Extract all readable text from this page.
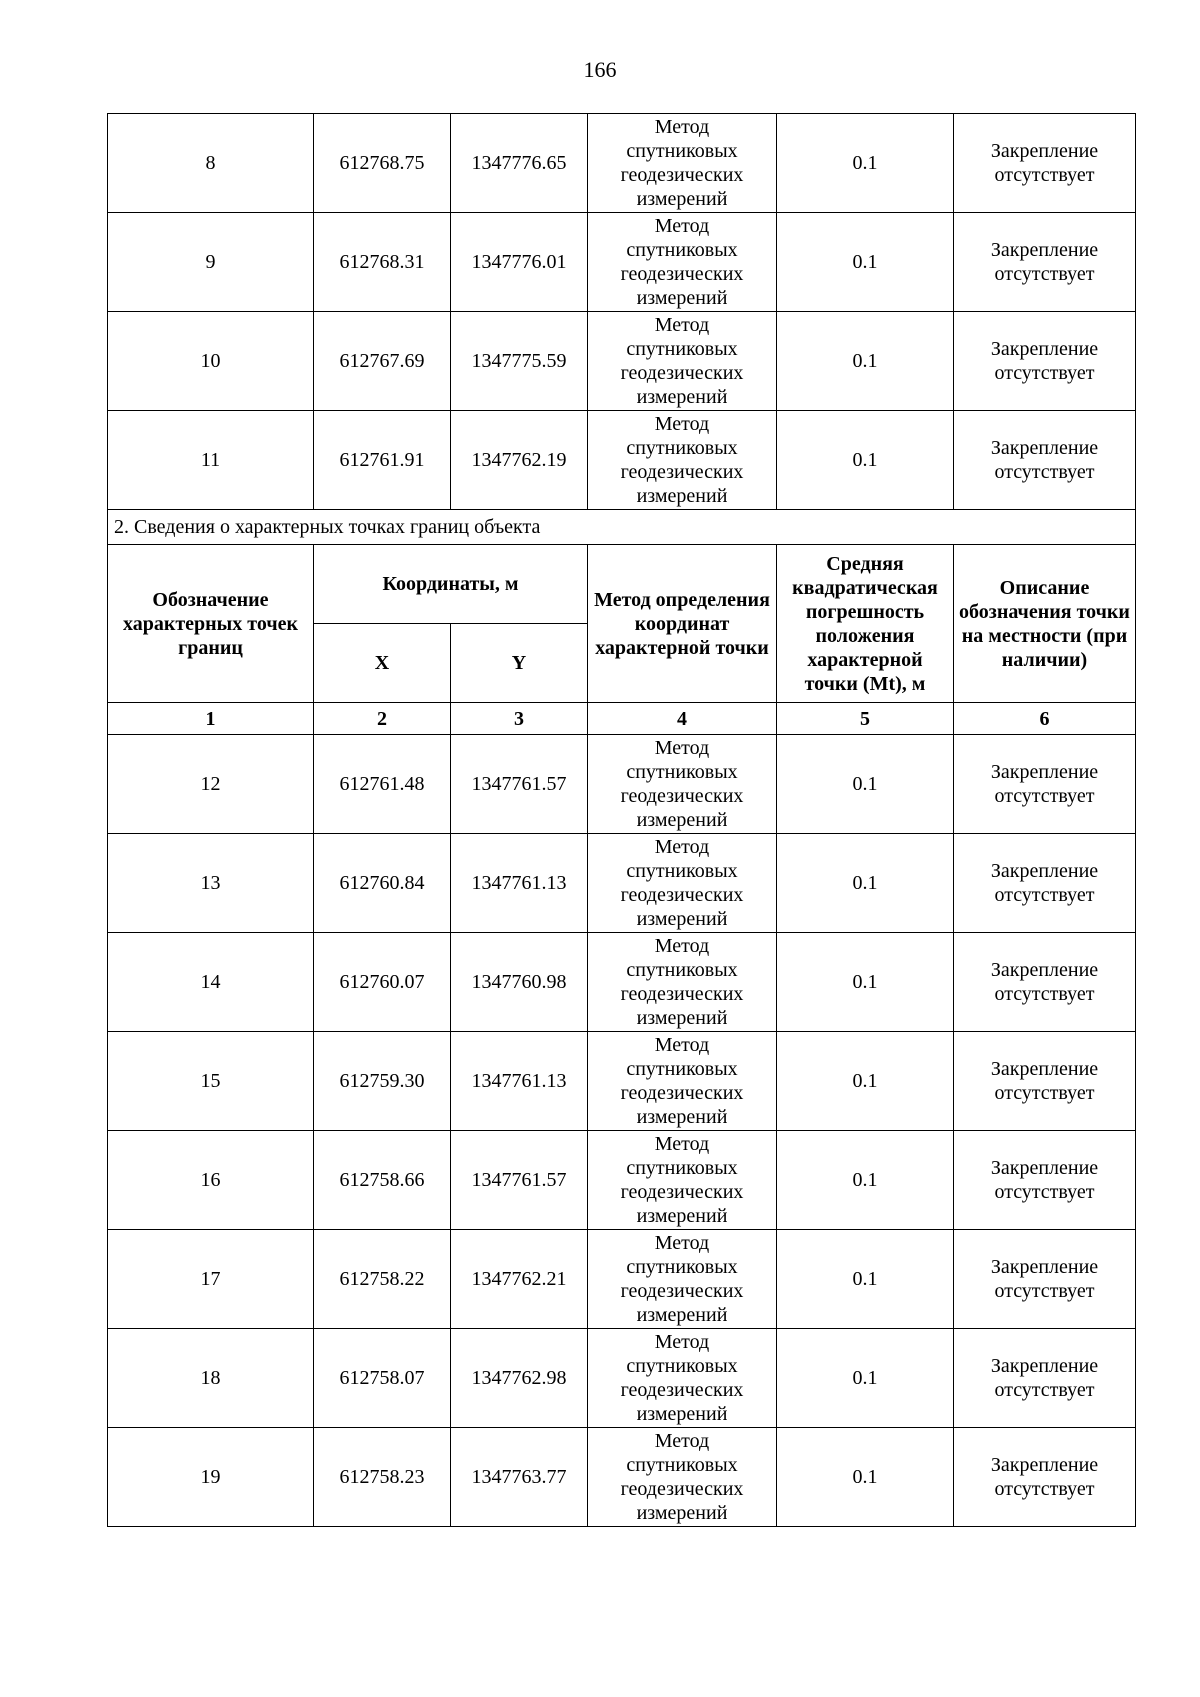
166
8	612768.75	1347776.65	Метод
спутниковых
геодезических
измерений	0.1	Закрепление
отсутствует
9	612768.31	1347776.01	Метод
спутниковых
геодезических
измерений	0.1	Закрепление
отсутствует
10	612767.69	1347775.59	Метод
спутниковых
геодезических
измерений	0.1	Закрепление
отсутствует
11	612761.91	1347762.19	Метод
спутниковых
геодезических
измерений	0.1	Закрепление
отсутствует
2. Сведения о характерных точках границ объекта					
Обозначение характерных точек границ	Координаты, м		Метод определения координат характерной точки	Средняя квадратическая погрешность положения характерной точки (Mt), м	Описание обозначения точки на местности (при наличии)
	X	Y			
1	2	3	4	5	6
12	612761.48	1347761.57	Метод
спутниковых
геодезических
измерений	0.1	Закрепление
отсутствует
13	612760.84	1347761.13	Метод
спутниковых
геодезических
измерений	0.1	Закрепление
отсутствует
14	612760.07	1347760.98	Метод
спутниковых
геодезических
измерений	0.1	Закрепление
отсутствует
15	612759.30	1347761.13	Метод
спутниковых
геодезических
измерений	0.1	Закрепление
отсутствует
16	612758.66	1347761.57	Метод
спутниковых
геодезических
измерений	0.1	Закрепление
отсутствует
17	612758.22	1347762.21	Метод
спутниковых
геодезических
измерений	0.1	Закрепление
отсутствует
18	612758.07	1347762.98	Метод
спутниковых
геодезических
измерений	0.1	Закрепление
отсутствует
19	612758.23	1347763.77	Метод
спутниковых
геодезических
измерений	0.1	Закрепление
отсутствует
